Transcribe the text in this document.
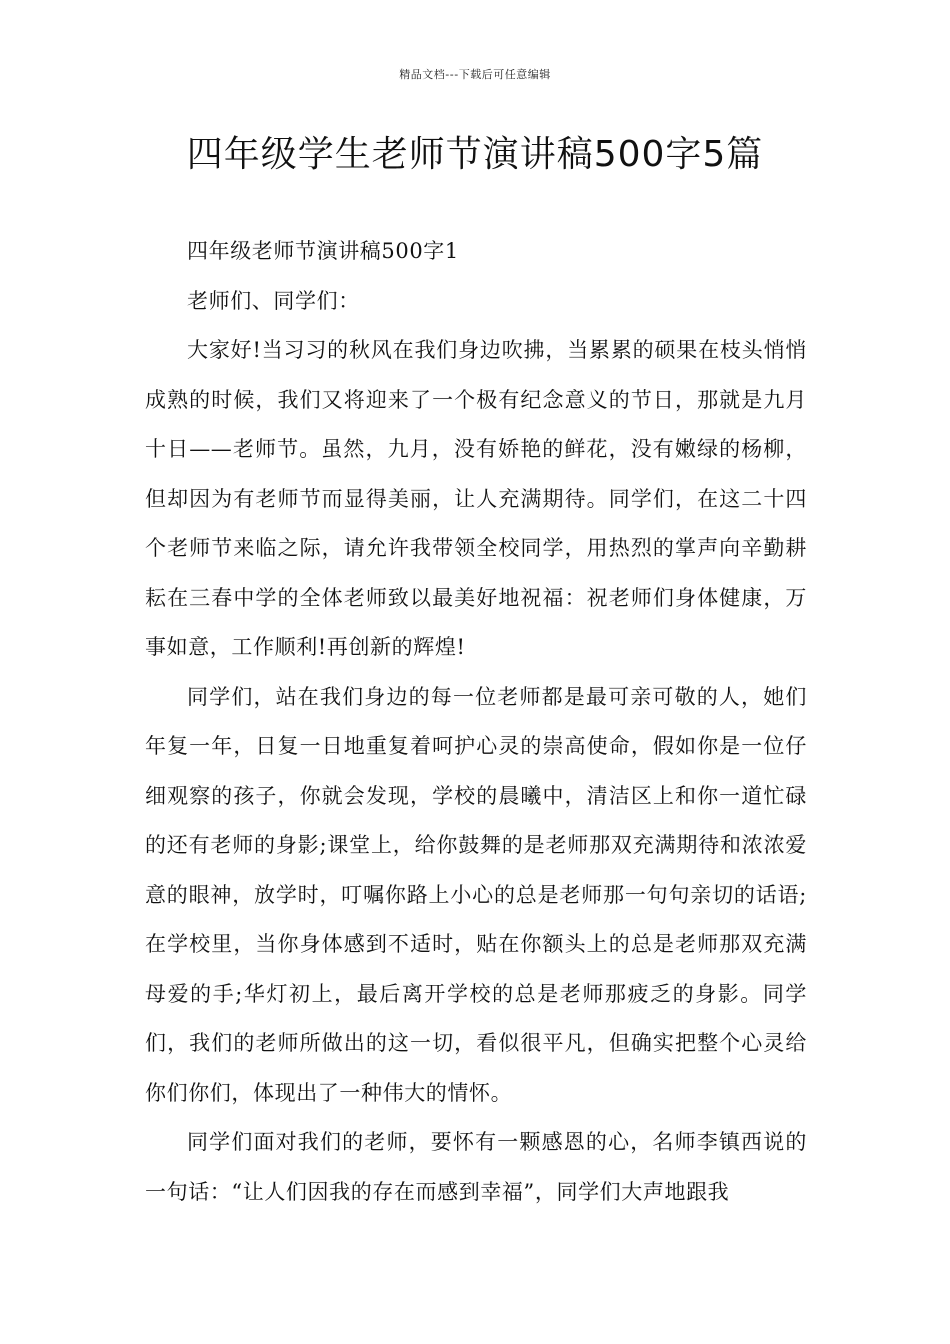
精品文档---下载后可任意编辑
四年级学生老师节演讲稿500字5篇

四年级老师节演讲稿500字1

老师们、同学们：

大家好!当习习的秋风在我们身边吹拂，当累累的硕果在枝头悄悄成熟的时候，我们又将迎来了一个极有纪念意义的节日，那就是九月十日——老师节。虽然，九月，没有娇艳的鲜花，没有嫩绿的杨柳，但却因为有老师节而显得美丽，让人充满期待。同学们，在这二十四个老师节来临之际，请允许我带领全校同学，用热烈的掌声向辛勤耕耘在三春中学的全体老师致以最美好地祝福：祝老师们身体健康，万事如意，工作顺利!再创新的辉煌!

同学们，站在我们身边的每一位老师都是最可亲可敬的人，她们年复一年，日复一日地重复着呵护心灵的崇高使命，假如你是一位仔细观察的孩子，你就会发现，学校的晨曦中，清洁区上和你一道忙碌的还有老师的身影;课堂上，给你鼓舞的是老师那双充满期待和浓浓爱意的眼神，放学时，叮嘱你路上小心的总是老师那一句句亲切的话语;在学校里，当你身体感到不适时，贴在你额头上的总是老师那双充满母爱的手;华灯初上，最后离开学校的总是老师那疲乏的身影。同学们，我们的老师所做出的这一切，看似很平凡，但确实把整个心灵给你们你们，体现出了一种伟大的情怀。

同学们面对我们的老师，要怀有一颗感恩的心，名师李镇西说的一句话：“让人们因我的存在而感到幸福”，同学们大声地跟我
